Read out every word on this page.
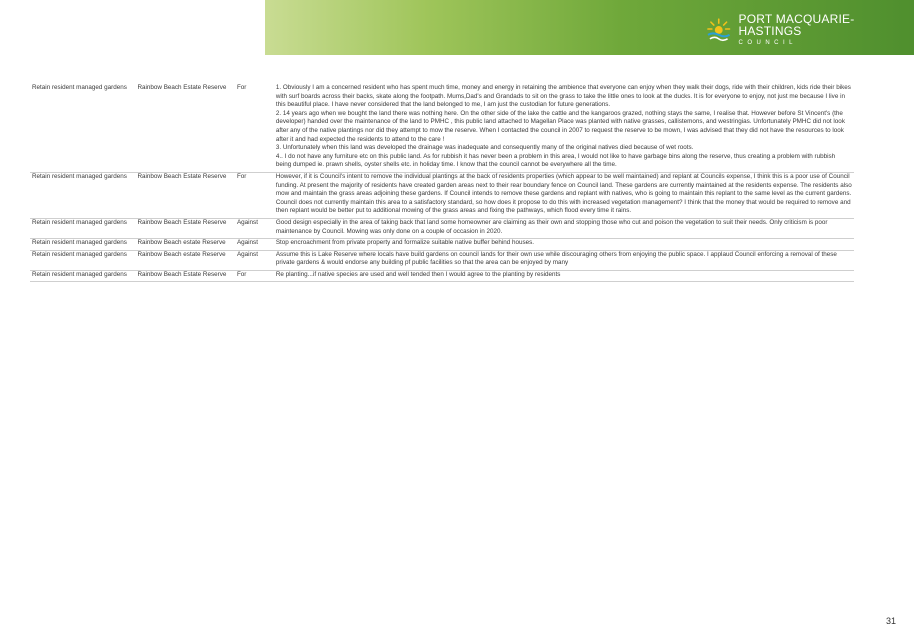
PORT MACQUARIE-HASTINGS
COUNCIL
Retain resident managed gardens	Rainbow Beach Estate Reserve	For	1. Obviously I am a concerned resident who has spent much time, money and energy in retaining the ambience that everyone can enjoy when they walk their dogs, ride with their children, kids ride their bikes with surf boards across their backs, skate along the footpath. Mums,Dad's and Grandads to sit on the grass to take the little ones to look at the ducks. It is for everyone to enjoy, not just me because I live in this beautiful place. I have never considered that the land belonged to me, I am just the custodian for future generations.
2. 14 years ago when we bought the land there was nothing here. On the other side of the lake the cattle and the kangaroos grazed, nothing stays the same, I realise that. However before St Vincent's (the developer) handed over the maintenance of the land to PMHC , this public land attached to Magellan Place was planted with native grasses, callistemons, and westringias. Unfortunately PMHC did not look after any of the native plantings nor did they attempt to mow the reserve. When I contacted the council in 2007 to request the reserve to be mown, I was advised that they did not have the resources to look after it and had expected the residents to attend to the care !
3. Unfortunately when this land was developed the drainage was inadequate and consequently many of the original natives died because of wet roots.
4.. I do not have any furniture etc on this public land. As for rubbish it has never been a problem in this area, I would not like to have garbage bins along the reserve, thus creating a problem with rubbish being dumped ie. prawn shells, oyster shells etc. in holiday time. I know that the council cannot be everywhere all the time.

Retain resident managed gardens	Rainbow Beach Estate Reserve	For	However, if it is Council's intent to remove the individual plantings at the back of residents properties (which appear to be well maintained) and replant at Councils expense, I think this is a poor use of Council funding. At present the majority of residents have created garden areas next to their rear boundary fence on Council land. These gardens are currently maintained at the residents expense. The residents also mow and maintain the grass areas adjoining these gardens. If Council intends to remove these gardens and replant with natives, who is going to maintain this replant to the same level as the current gardens. Council does not currently maintain this area to a satisfactory standard, so how does it propose to do this with increased vegetation management? I think that the money that would be required to remove and then replant would be better put to additional mowing of the grass areas and fixing the pathways, which flood every time it rains.

Retain resident managed gardens	Rainbow Beach Estate Reserve	Against	Good design especially in the area of taking back that land some homeowner are claiming as their own and stopping those who cut and poison the vegetation to suit their needs. Only criticism is poor maintenance by Council. Mowing was only done on a couple of occasion in 2020.

Retain resident managed gardens	Rainbow Beach estate Reserve	Against	Stop encroachment from private property and formalize suitable native buffer behind houses.

Retain resident managed gardens	Rainbow Beach estate Reserve	Against	Assume this is Lake Reserve where locals have build gardens on council lands for their own use while discouraging others from enjoying the public space. I applaud Council enforcing a removal of these private gardens & would endorse any building pf public facilities so that the area can be enjoyed by many

Retain resident managed gardens	Rainbow Beach Estate Reserve	For	Re planting...if native species are used and well tended then I would agree to the planting by residents
31
